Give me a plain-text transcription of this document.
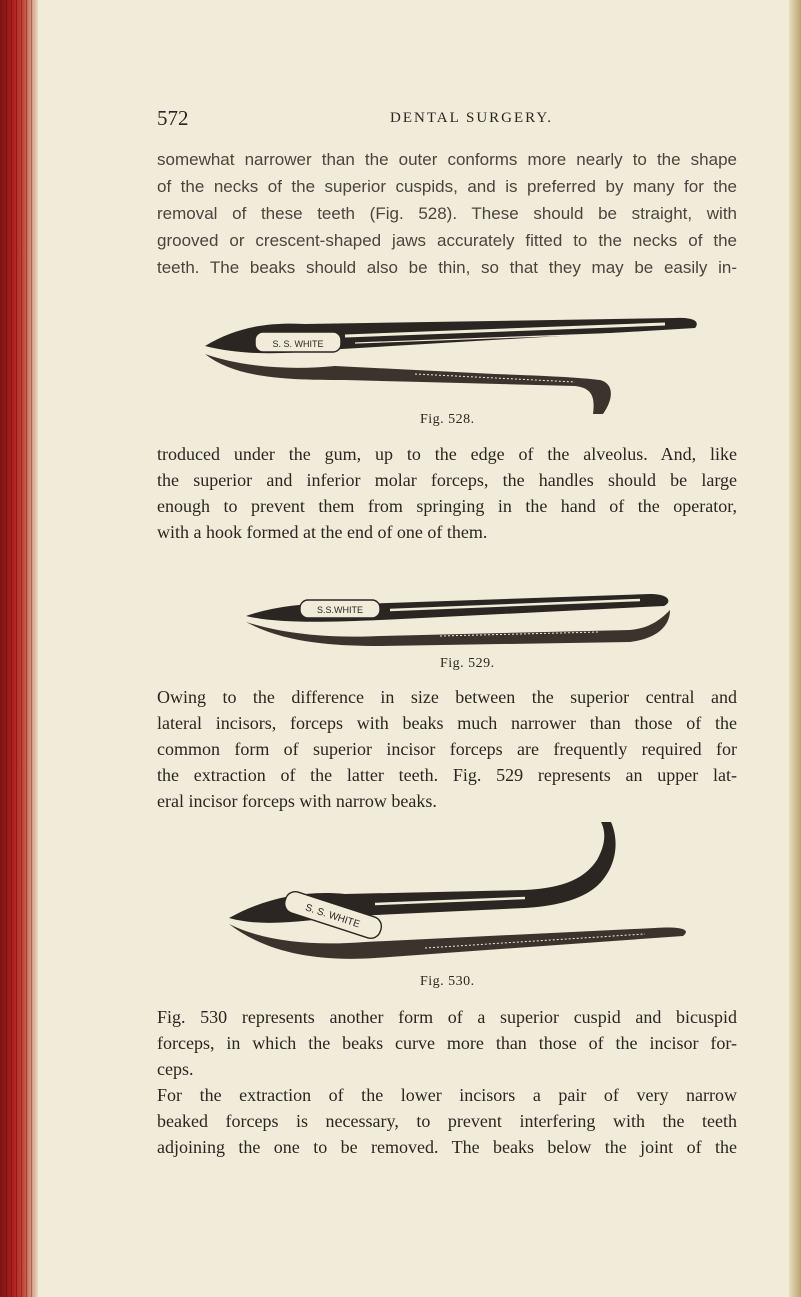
572	DENTAL SURGERY.
somewhat narrower than the outer conforms more nearly to the shape
of the necks of the superior cuspids, and is preferred by many for the
removal of these teeth (Fig. 528). These should be straight, with
grooved or crescent-shaped jaws accurately fitted to the necks of the
teeth. The beaks should also be thin, so that they may be easily in-
S. S. WHITE
Fig. 528.
troduced under the gum, up to the edge of the alveolus. And, like
the superior and inferior molar forceps, the handles should be large
enough to prevent them from springing in the hand of the operator,
with a hook formed at the end of one of them.
S.S.WHITE
Fig. 529.
Owing to the difference in size between the superior central and
lateral incisors, forceps with beaks much narrower than those of the
common form of superior incisor forceps are frequently required for
the extraction of the latter teeth. Fig. 529 represents an upper lat-
eral incisor forceps with narrow beaks.
S. S. WHITE
Fig. 530.
Fig. 530 represents another form of a superior cuspid and bicuspid
forceps, in which the beaks curve more than those of the incisor for-
ceps.
For the extraction of the lower incisors a pair of very narrow
beaked forceps is necessary, to prevent interfering with the teeth
adjoining the one to be removed. The beaks below the joint of the
